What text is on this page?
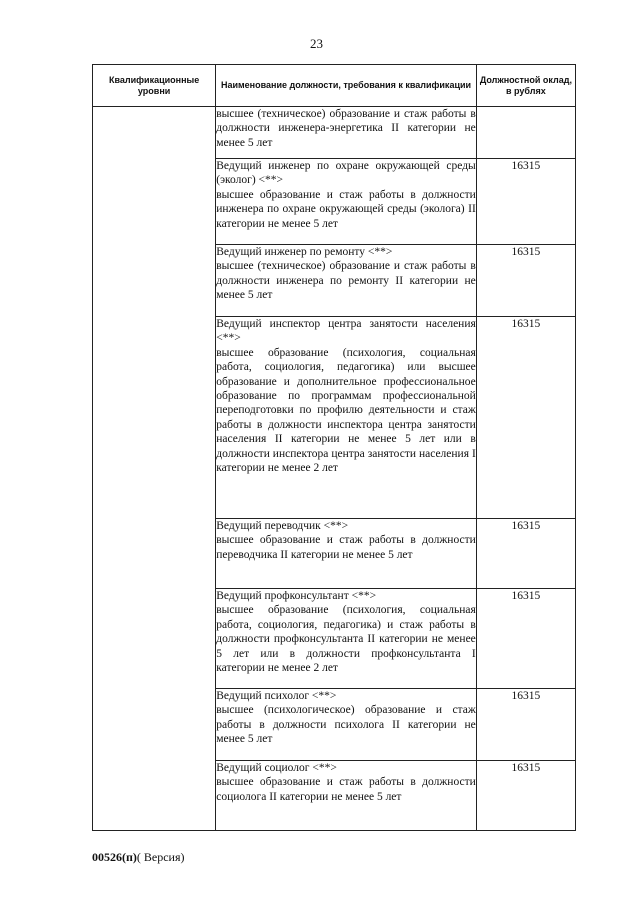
23
Квалификационные уровни	Наименование должности, требования к квалификации	Должностной оклад, в рублях

	высшее (техническое) образование и стаж работы в должности инженера-энергетика II категории не менее 5 лет	

	Ведущий инженер по охране окружающей среды (эколог) <**>
высшее образование и стаж работы в должности инженера по охране окружающей среды (эколога) II категории не менее 5 лет	16315

	Ведущий инженер по ремонту <**>
высшее (техническое) образование и стаж работы в должности инженера по ремонту II категории не менее 5 лет	16315

	Ведущий инспектор центра занятости населения <**>
высшее образование (психология, социальная работа, социология, педагогика) или высшее образование и дополнительное профессиональное образование по программам профессиональной переподготовки по профилю деятельности и стаж работы в должности инспектора центра занятости населения II категории не менее 5 лет или в должности инспектора центра занятости населения I категории не менее 2 лет	16315

	Ведущий переводчик <**>
высшее образование и стаж работы в должности переводчика II категории не менее 5 лет	16315

	Ведущий профконсультант <**>
высшее образование (психология, социальная работа, социология, педагогика) и стаж работы в должности профконсультанта II категории не менее 5 лет или в должности профконсультанта I категории не менее 2 лет	16315

	Ведущий психолог <**>
высшее (психологическое) образование и стаж работы в должности психолога II категории не менее 5 лет	16315

	Ведущий социолог <**>
высшее образование и стаж работы в должности социолога II категории не менее 5 лет	16315
00526(п)( Версия)
